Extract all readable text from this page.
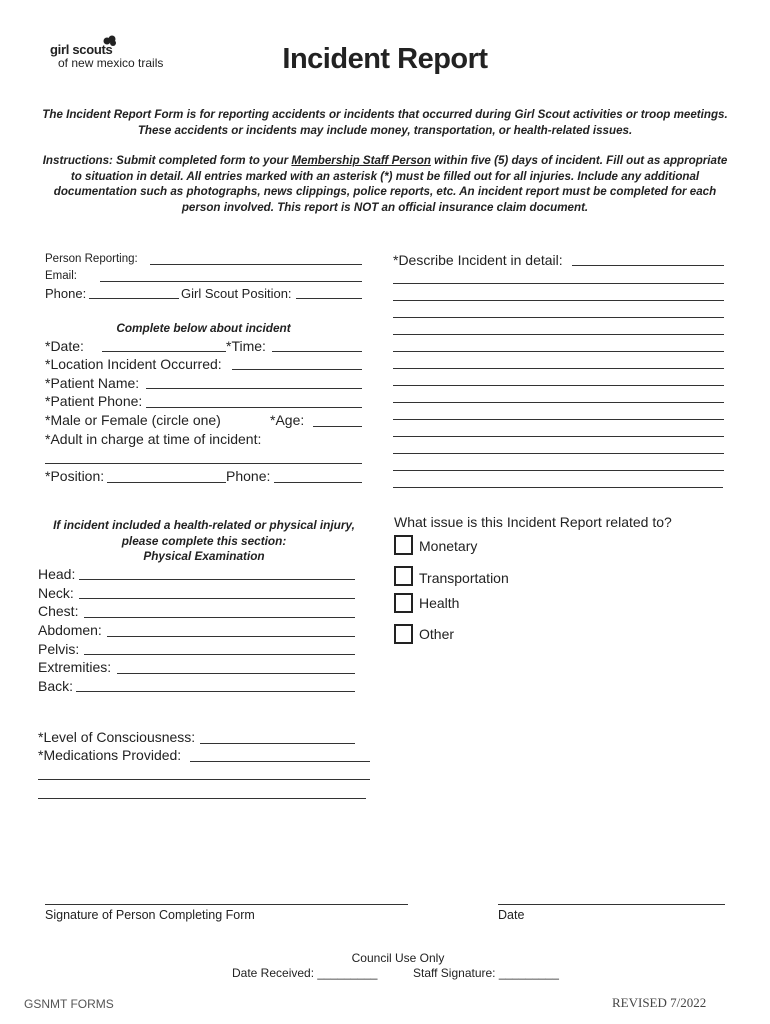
girl scouts
of new mexico trails	Incident Report
The Incident Report Form is for reporting accidents or incidents that occurred during Girl Scout activities or troop meetings. These accidents or incidents may include money, transportation, or health-related issues.
Instructions: Submit completed form to your Membership Staff Person within five (5) days of incident. Fill out as appropriate to situation in detail. All entries marked with an asterisk (*) must be filled out for all injuries. Include any additional documentation such as photographs, news clippings, police reports, etc. An incident report must be completed for each person involved. This report is NOT an official insurance claim document.
Person Reporting:
Email:
Phone:	Girl Scout Position:
Complete below about incident
*Date:	*Time:
*Location Incident Occurred:
*Patient Name:
*Patient Phone:
*Male or Female (circle one)	*Age:
*Adult in charge at time of incident:
*Position:	Phone:
*Describe Incident in detail:
If incident included a health-related or physical injury,
please complete this section:
Physical Examination
Head:
Neck:
Chest:
Abdomen:
Pelvis:
Extremities:
Back:
*Level of Consciousness:
*Medications Provided:
What issue is this Incident Report related to?
Monetary
Transportation
Health
Other
Signature of Person Completing Form	Date
Council Use Only
Date Received: _________	Staff Signature: _________
GSNMT FORMS	REVISED 7/2022
